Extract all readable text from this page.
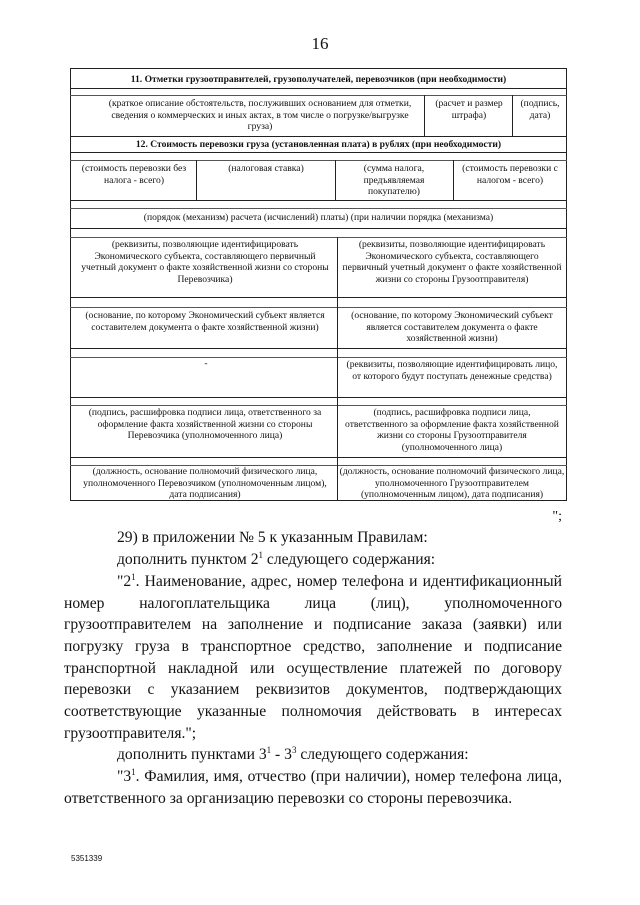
16
11. Отметки грузоотправителей, грузополучателей, перевозчиков (при необходимости)
(краткое описание обстоятельств, послуживших основанием для отметки, сведения о коммерческих и иных актах, в том числе о погрузке/выгрузке груза)
(расчет и размер штрафа)
(подпись, дата)
12. Стоимость перевозки груза (установленная плата) в рублях (при необходимости)
(стоимость перевозки без налога - всего)
(налоговая ставка)	(сумма налога, предъявляемая покупателю)
(стоимость перевозки с налогом - всего)
(порядок (механизм) расчета (исчислений) платы) (при наличии порядка (механизма)
(реквизиты, позволяющие идентифицировать Экономического субъекта, составляющего первичный учетный документ о факте хозяйственной жизни со стороны Перевозчика)
(реквизиты, позволяющие идентифицировать Экономического субъекта, составляющего первичный учетный документ о факте хозяйственной жизни со стороны Грузоотправителя)
(основание, по которому Экономический субъект является составителем документа о факте хозяйственной жизни)
(основание, по которому Экономический субъект является составителем документа о факте хозяйственной жизни)
-	(реквизиты, позволяющие идентифицировать лицо, от которого будут поступать денежные средства)
(подпись, расшифровка подписи лица, ответственного за оформление факта хозяйственной жизни со стороны Перевозчика (уполномоченного лица)
(подпись, расшифровка подписи лица, ответственного за оформление факта хозяйственной жизни со стороны Грузоотправителя (уполномоченного лица)
(должность, основание полномочий физического лица, уполномоченного Перевозчиком (уполномоченным лицом), дата подписания)
(должность, основание полномочий физического лица, уполномоченного Грузоотправителем (уполномоченным лицом), дата подписания)
";
29) в приложении № 5 к указанным Правилам:
дополнить пунктом $2^1$ следующего содержания:
"$2^1$. Наименование, адрес, номер телефона и идентификационный
номер налогоплательщика лица (лиц), уполномоченного
грузоотправителем на заполнение и подписание заказа (заявки) или
погрузку груза в транспортное средство, заполнение и подписание
транспортной накладной или осуществление платежей по договору
перевозки с указанием реквизитов документов, подтверждающих
соответствующие указанные полномочия действовать в интересах
грузоотправителя.";
дополнить пунктами $3^1 - 3^3$ следующего содержания:
"$3^1$. Фамилия, имя, отчество (при наличии), номер телефона лица,
ответственного за организацию перевозки со стороны перевозчика.
5351339
